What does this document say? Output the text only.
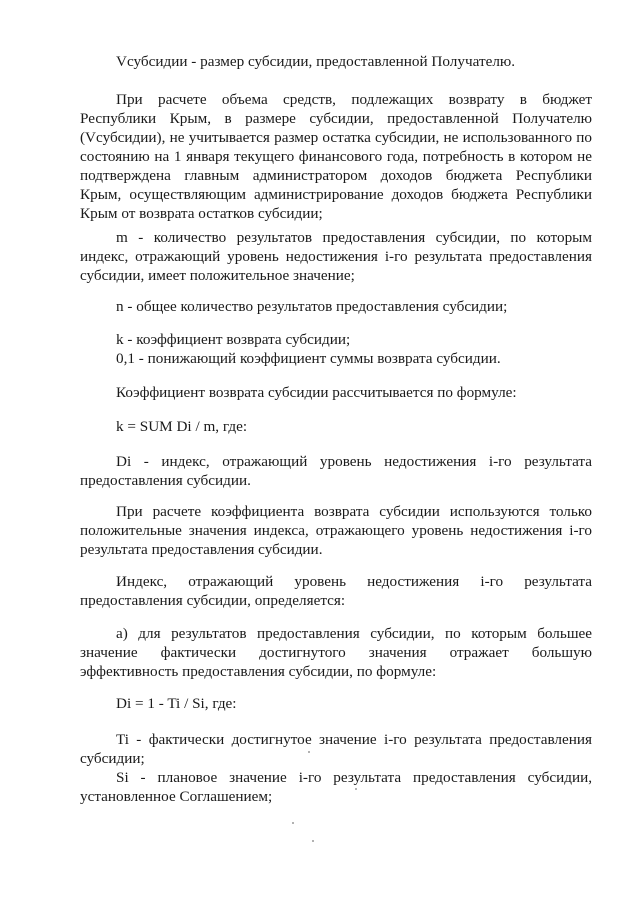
Vсубсидии - размер субсидии, предоставленной Получателю.

При расчете объема средств, подлежащих возврату в бюджет

Республики Крым, в размере субсидии, предоставленной Получателю

(Vсубсидии), не учитывается размер остатка субсидии, не использованного по

состоянию на 1 января текущего финансового года, потребность в котором не

подтверждена главным администратором доходов бюджета Республики

Крым, осуществляющим администрирование доходов бюджета Республики

Крым от возврата остатков субсидии;

m - количество результатов предоставления субсидии, по которым

индекс, отражающий уровень недостижения i-го результата предоставления

субсидии, имеет положительное значение;

n - общее количество результатов предоставления субсидии;

k - коэффициент возврата субсидии;

0,1 - понижающий коэффициент суммы возврата субсидии.

Коэффициент возврата субсидии рассчитывается по формуле:

k = SUM Di / m, где:

Di - индекс, отражающий уровень недостижения i-го результата

предоставления субсидии.

При расчете коэффициента возврата субсидии используются только

положительные значения индекса, отражающего уровень недостижения i-го

результата предоставления субсидии.

Индекс, отражающий уровень недостижения i-го результата

предоставления субсидии, определяется:

а) для результатов предоставления субсидии, по которым большее

значение фактически достигнутого значения отражает большую

эффективность предоставления субсидии, по формуле:

Di = 1 - Ti / Si, где:

Ti - фактически достигнутое значение i-го результата предоставления

субсидии;

Si - плановое значение i-го результата предоставления субсидии,

установленное Соглашением;
